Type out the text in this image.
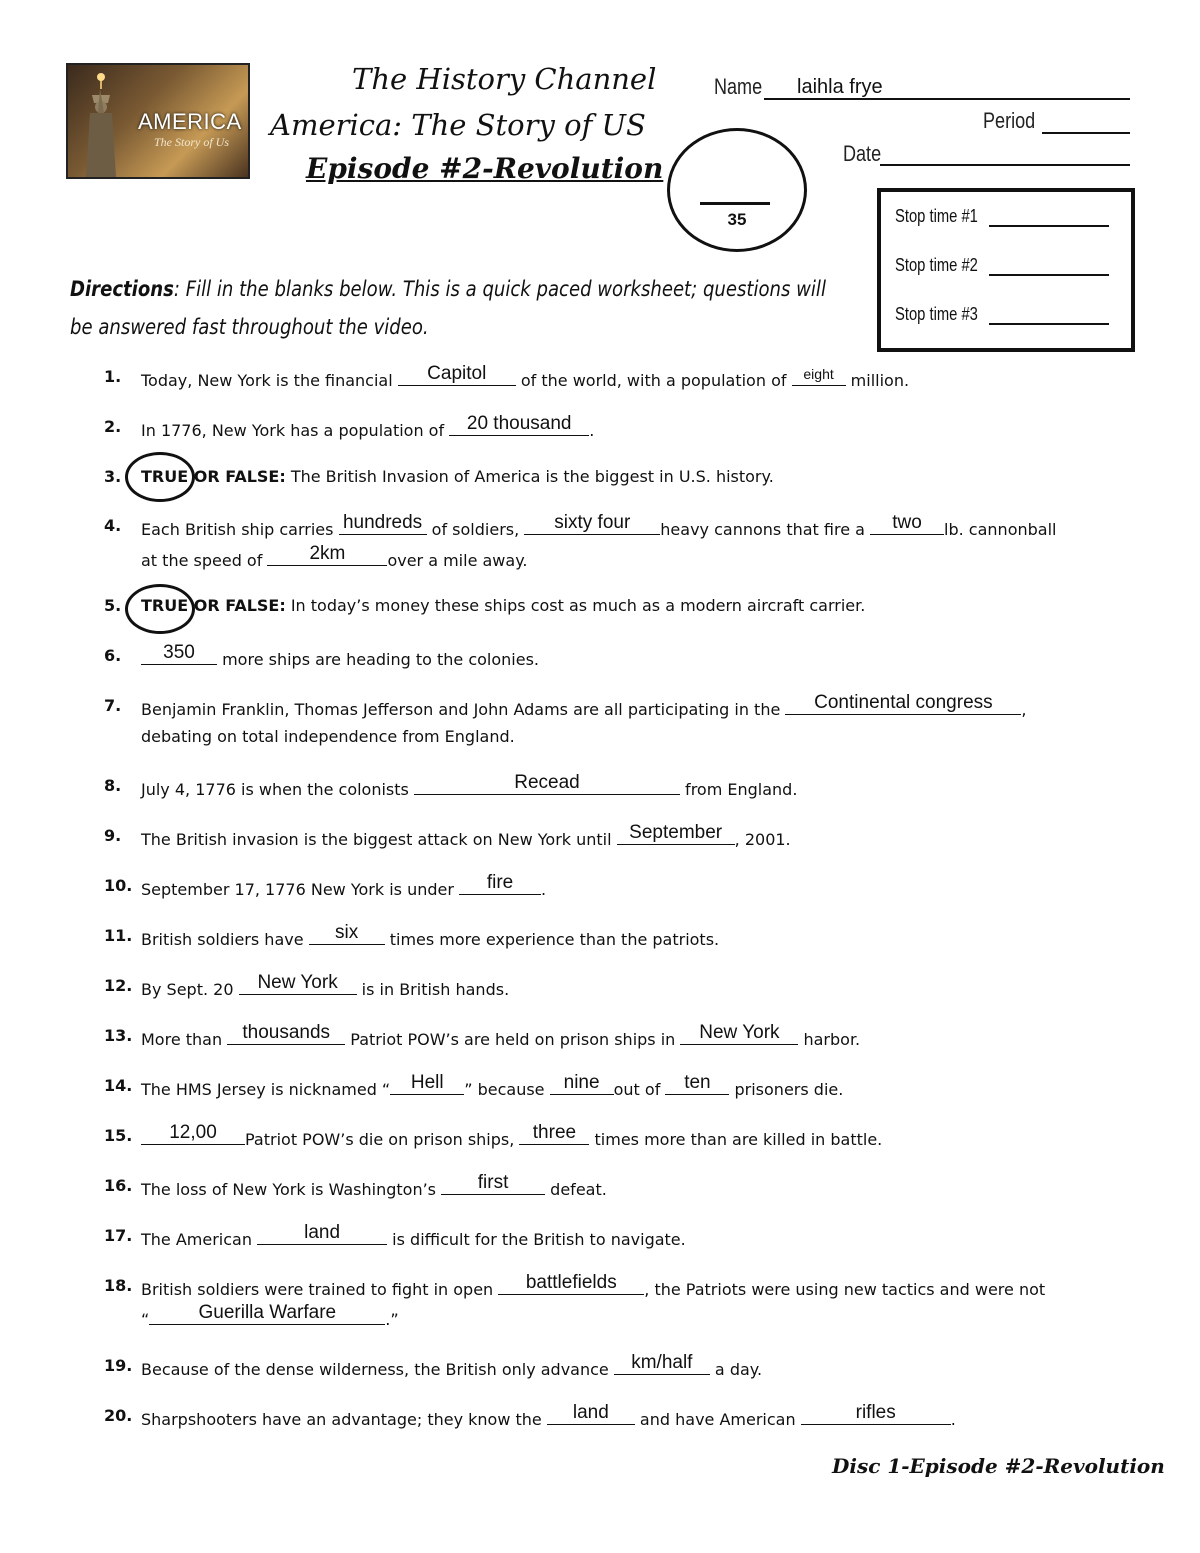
AMERICA
The Story of Us
The History Channel
America: The Story of US
Episode #2-Revolution
35
Name	laihla frye
Period
Date
Stop time #1
Stop time #2
Stop time #3
Directions: Fill in the blanks below. This is a quick paced worksheet; questions will be answered fast throughout the video.
1.	Today, New York is the financial	Capitol	of the world, with a population of eight million.
2.	In 1776, New York has a population of 20 thousand	.
3.	TRUE OR FALSE: The British Invasion of America is the biggest in U.S. history.
4.	Each British ship carries hundreds of soldiers,	sixty four	heavy cannons that fire a	two	lb. cannonball
at the speed of	2km	over a mile away.
5.	TRUE OR FALSE: In today’s money these ships cost as much as a modern aircraft carrier.
6.	350	more ships are heading to the colonies.
7.	Benjamin Franklin, Thomas Jefferson and John Adams are all participating in the	Continental congress	,
debating on total independence from England.
8.	July 4, 1776 is when the colonists	Recead	from England.
9.	The British invasion is the biggest attack on New York until September , 2001.
10. September 17, 1776 New York is under	fire	.
11. British soldiers have	six	times more experience than the patriots.
12. By Sept. 20 New York	is in British hands.
13. More than thousands Patriot POW’s are held on prison ships in New York	harbor.
14. The HMS Jersey is nicknamed “	Hell	” because nine out of ten	prisoners die.
15.	12,00	Patriot POW’s die on prison ships, three times more than are killed in battle.
16. The loss of New York is Washington’s	first	defeat.
17. The American	land	is difficult for the British to navigate.
18. British soldiers were trained to fight in open	battlefields	, the Patriots were using new tactics and were not
“	Guerilla Warfare	.”
19. Because of the dense wilderness, the British only advance km/half	a day.
20. Sharpshooters have an advantage; they know the	land	and have American	rifles	.
Disc 1-Episode #2-Revolution
